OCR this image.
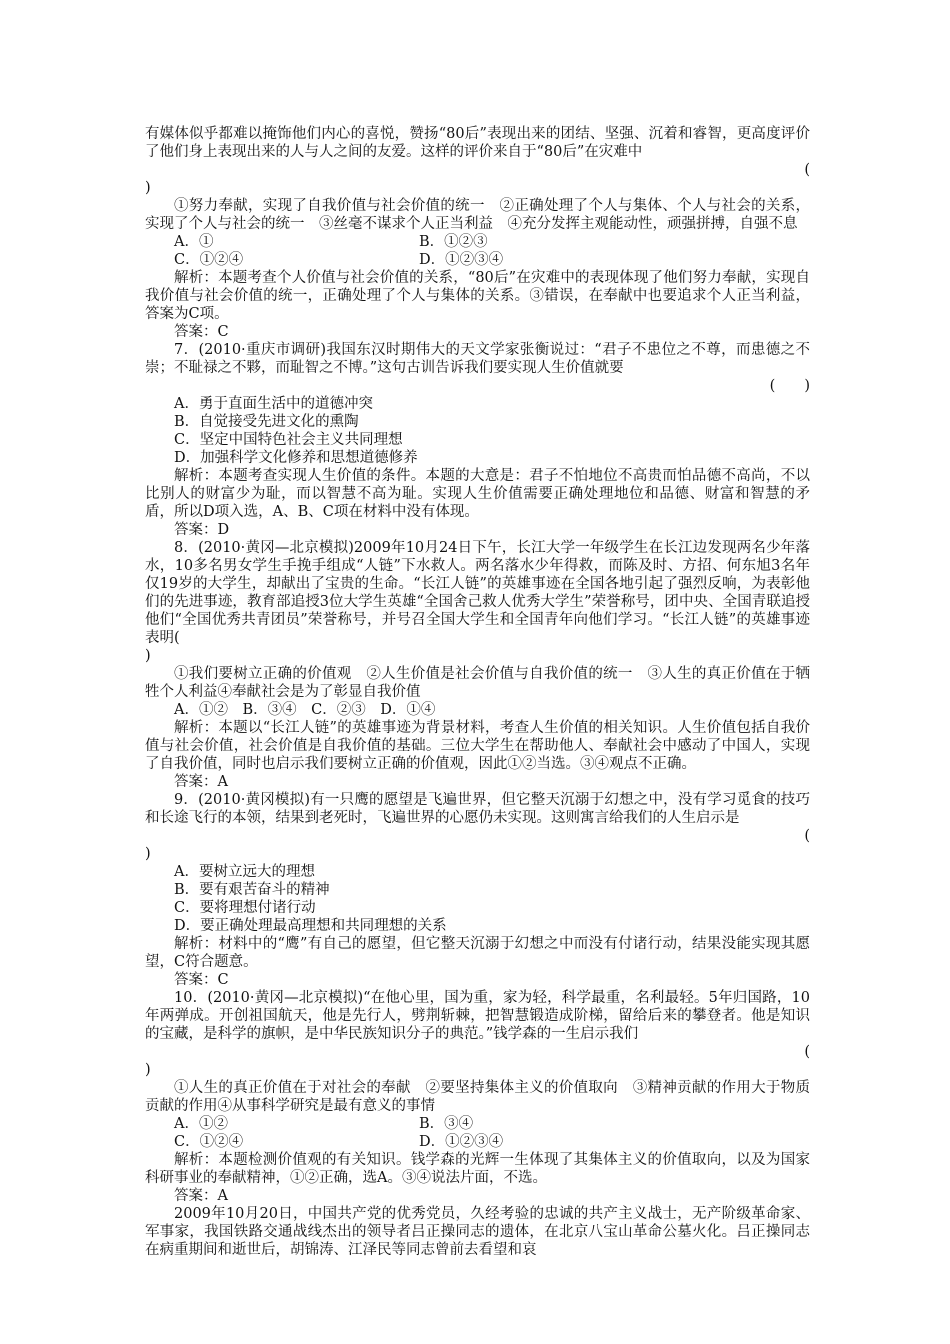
有媒体似乎都难以掩饰他们内心的喜悦，赞扬“80后”表现出来的团结、坚强、沉着和睿智，更高度评价了他们身上表现出来的人与人之间的友爱。这样的评价来自于“80后”在灾难中

(

)

①努力奉献，实现了自我价值与社会价值的统一　②正确处理了个人与集体、个人与社会的关系，实现了个人与社会的统一　③丝毫不谋求个人正当利益　④充分发挥主观能动性，顽强拼搏，自强不息

A．①	B．①②③
C．①②④	D．①②③④

解析：本题考查个人价值与社会价值的关系，“80后”在灾难中的表现体现了他们努力奉献，实现自我价值与社会价值的统一，正确处理了个人与集体的关系。③错误，在奉献中也要追求个人正当利益，答案为C项。

答案：C

7．(2010·重庆市调研)我国东汉时期伟大的天文学家张衡说过：“君子不患位之不尊，而患德之不崇；不耻禄之不夥，而耻智之不博。”这句古训告诉我们要实现人生价值就要

(　　)

A．勇于直面生活中的道德冲突

B．自觉接受先进文化的熏陶

C．坚定中国特色社会主义共同理想

D．加强科学文化修养和思想道德修养

解析：本题考查实现人生价值的条件。本题的大意是：君子不怕地位不高贵而怕品德不高尚，不以比别人的财富少为耻，而以智慧不高为耻。实现人生价值需要正确处理地位和品德、财富和智慧的矛盾，所以D项入选，A、B、C项在材料中没有体现。

答案：D

8．(2010·黄冈—北京模拟)2009年10月24日下午，长江大学一年级学生在长江边发现两名少年落水，10多名男女学生手挽手组成“人链”下水救人。两名落水少年得救，而陈及时、方招、何东旭3名年仅19岁的大学生，却献出了宝贵的生命。“长江人链”的英雄事迹在全国各地引起了强烈反响，为表彰他们的先进事迹，教育部追授3位大学生英雄“全国舍己救人优秀大学生”荣誉称号，团中央、全国青联追授他们“全国优秀共青团员”荣誉称号，并号召全国大学生和全国青年向他们学习。“长江人链”的英雄事迹表明(

)

①我们要树立正确的价值观　②人生价值是社会价值与自我价值的统一　③人生的真正价值在于牺牲个人利益④奉献社会是为了彰显自我价值

A．①②　B．③④　C．②③　D．①④

解析：本题以“长江人链”的英雄事迹为背景材料，考查人生价值的相关知识。人生价值包括自我价值与社会价值，社会价值是自我价值的基础。三位大学生在帮助他人、奉献社会中感动了中国人，实现了自我价值，同时也启示我们要树立正确的价值观，因此①②当选。③④观点不正确。

答案：A

9．(2010·黄冈模拟)有一只鹰的愿望是飞遍世界，但它整天沉溺于幻想之中，没有学习觅食的技巧和长途飞行的本领，结果到老死时，飞遍世界的心愿仍未实现。这则寓言给我们的人生启示是

(

)

A．要树立远大的理想

B．要有艰苦奋斗的精神

C．要将理想付诸行动

D．要正确处理最高理想和共同理想的关系

解析：材料中的“鹰”有自己的愿望，但它整天沉溺于幻想之中而没有付诸行动，结果没能实现其愿望，C符合题意。

答案：C

10．(2010·黄冈—北京模拟)“在他心里，国为重，家为轻，科学最重，名利最轻。5年归国路，10年两弹成。开创祖国航天，他是先行人，劈荆斩棘，把智慧锻造成阶梯，留给后来的攀登者。他是知识的宝藏，是科学的旗帜，是中华民族知识分子的典范。”钱学森的一生启示我们

(

)

①人生的真正价值在于对社会的奉献　②要坚持集体主义的价值取向　③精神贡献的作用大于物质贡献的作用④从事科学研究是最有意义的事情

A．①②	B．③④
C．①②④	D．①②③④

解析：本题检测价值观的有关知识。钱学森的光辉一生体现了其集体主义的价值取向，以及为国家科研事业的奉献精神，①②正确，选A。③④说法片面，不选。

答案：A

2009年10月20日，中国共产党的优秀党员，久经考验的忠诚的共产主义战士，无产阶级革命家、军事家，我国铁路交通战线杰出的领导者吕正操同志的遗体，在北京八宝山革命公墓火化。吕正操同志在病重期间和逝世后，胡锦涛、江泽民等同志曾前去看望和哀
